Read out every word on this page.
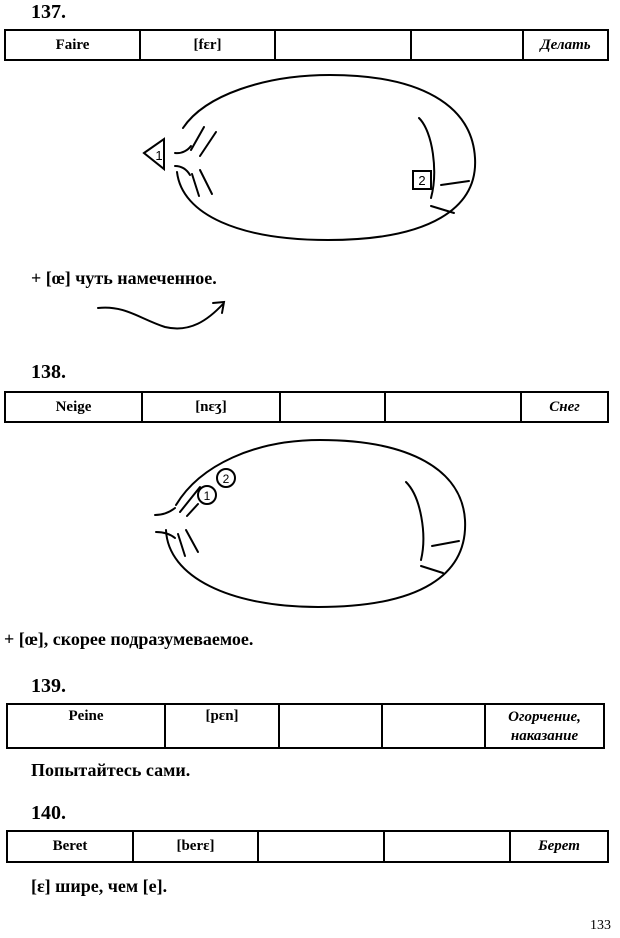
137.
Faire	[fɛr]			Делать
1
2
+ [œ] чуть намеченное.
138.
Neige	[nɛʒ]			Снег
1
2
+ [œ], скорее подразумеваемое.
139.
Peine	[pɛn]			Огорчение, наказание
Попытайтесь сами.
140.
Beret	[berɛ]			Берет
[ɛ] шире, чем [e].
133
